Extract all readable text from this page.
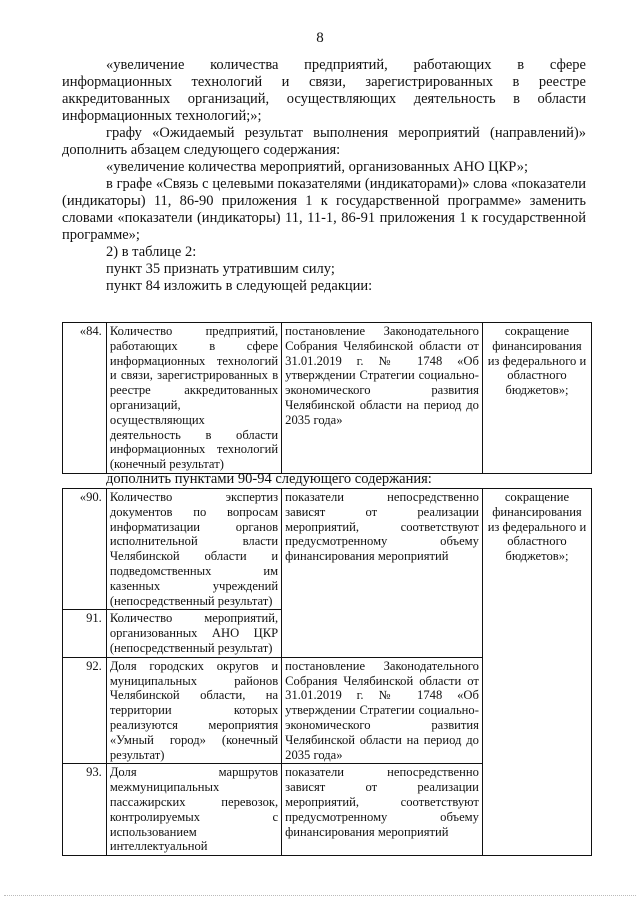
8

«увеличение количества предприятий, работающих в сфере информационных технологий и связи, зарегистрированных в реестре аккредитованных организаций, осуществляющих деятельность в области информационных технологий;»;

графу «Ожидаемый результат выполнения мероприятий (направлений)» дополнить абзацем следующего содержания:

«увеличение количества мероприятий, организованных АНО ЦКР»;

в графе «Связь с целевыми показателями (индикаторами)» слова «показатели (индикаторы) 11, 86-90 приложения 1 к государственной программе» заменить словами «показатели (индикаторы) 11, 11-1, 86-91 приложения 1 к государственной программе»;

2) в таблице 2:

пункт 35 признать утратившим силу;

пункт 84 изложить в следующей редакции:

«84.	Количество предприятий, работающих в сфере информационных технологий и связи, зарегистрированных в реестре аккредитованных организаций, осуществляющих деятельность в области информационных технологий (конечный результат)	постановление Законодательного Собрания Челябинской области от 31.01.2019 г. № 1748 «Об утверждении Стратегии социально-экономического развития Челябинской области на период до 2035 года»	сокращение финансирования из федерального и областного бюджетов»;
дополнить пунктами 90-94 следующего содержания:
«90.	Количество экспертиз документов по вопросам информатизации органов исполнительной власти Челябинской области и подведомственных им казенных учреждений (непосредственный результат)	показатели непосредственно зависят от реализации мероприятий, соответствуют предусмотренному объему финансирования мероприятий	сокращение финансирования из федерального и областного бюджетов»;
91.	Количество мероприятий, организованных АНО ЦКР (непосредственный результат)		
92.	Доля городских округов и муниципальных районов Челябинской области, на территории которых реализуются мероприятия «Умный город» (конечный результат)	постановление Законодательного Собрания Челябинской области от 31.01.2019 г. № 1748 «Об утверждении Стратегии социально-экономического развития Челябинской области на период до 2035 года»	
93.	Доля маршрутов межмуниципальных пассажирских перевозок, контролируемых с использованием интеллектуальной	показатели непосредственно зависят от реализации мероприятий, соответствуют предусмотренному объему финансирования мероприятий	
